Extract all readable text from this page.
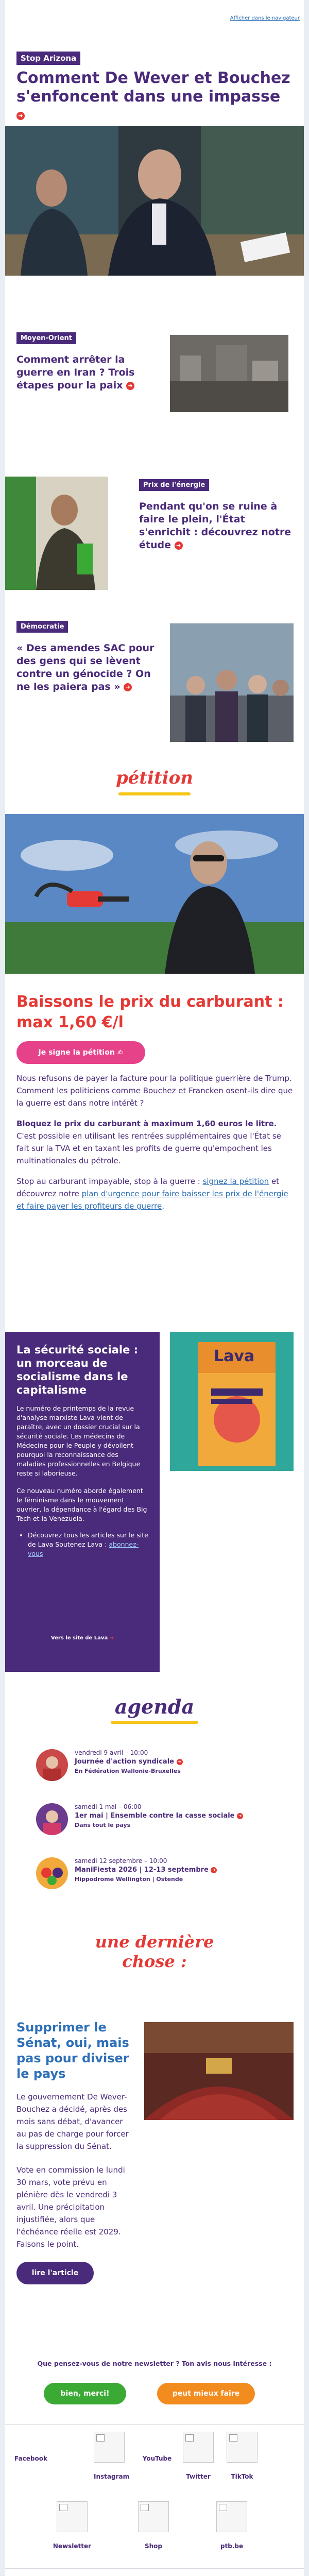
Afficher dans le navigateur
Stop Arizona
Comment De Wever et Bouchez s'enfoncent dans une impasse
➜
Moyen-Orient
Comment arrêter la guerre en Iran ? Trois étapes pour la paix ➜
Prix de l'énergie
Pendant qu'on se ruine à faire le plein, l'État s'enrichit : découvrez notre étude ➜
Démocratie
« Des amendes SAC pour des gens qui se lèvent contre un génocide ? On ne les paiera pas » ➜
pétition
Baissons le prix du carburant : max 1,60 €/l
Je signe la pétition ✍

Nous refusons de payer la facture pour la politique guerrière de Trump. Comment les politiciens comme Bouchez et Francken osent-ils dire que la guerre est dans notre intérêt ?

Bloquez le prix du carburant à maximum 1,60 euros le litre. C'est possible en utilisant les rentrées supplémentaires que l'État se fait sur la TVA et en taxant les profits de guerre qu'empochent les multinationales du pétrole.

Stop au carburant impayable, stop à la guerre : signez la pétition et découvrez notre plan d'urgence pour faire baisser les prix de l'énergie et faire payer les profiteurs de guerre.

La sécurité sociale : un morceau de socialisme dans le capitalisme

Le numéro de printemps de la revue d'analyse marxiste Lava vient de paraître, avec un dossier crucial sur la sécurité sociale. Les médecins de Médecine pour le Peuple y dévoilent pourquoi la reconnaissance des maladies professionnelles en Belgique reste si laborieuse.

Ce nouveau numéro aborde également le féminisme dans le mouvement ouvrier, la dépendance à l'égard des Big Tech et la Venezuela.

• Découvrez tous les articles sur le site de Lava Soutenez Lava : abonnez-vous
Vers le site de Lava ➜
Lava
agenda
vendredi 9 avril – 10:00
Journée d'action syndicale ➜
En Fédération Wallonie-Bruxelles
samedi 1 mai – 06:00
1er mai | Ensemble contre la casse sociale ➜
Dans tout le pays
samedi 12 septembre – 10:00
ManiFiesta 2026 | 12-13 septembre ➜
Hippodrome Wellington | Ostende
une dernière chose :
Supprimer le Sénat, oui, mais pas pour diviser le pays

Le gouvernement De Wever-Bouchez a décidé, après des mois sans débat, d'avancer au pas de charge pour forcer la suppression du Sénat.

Vote en commission le lundi 30 mars, vote prévu en plénière dès le vendredi 3 avril. Une précipitation injustifiée, alors que l'échéance réelle est 2029. Faisons le point.

lire l'article
Que pensez-vous de notre newsletter ? Ton avis nous intéresse :
bien, merci!	peut mieux faire
Facebook
Instagram
YouTube
Twitter	TikTok
Newsletter	Shop	ptb.be
